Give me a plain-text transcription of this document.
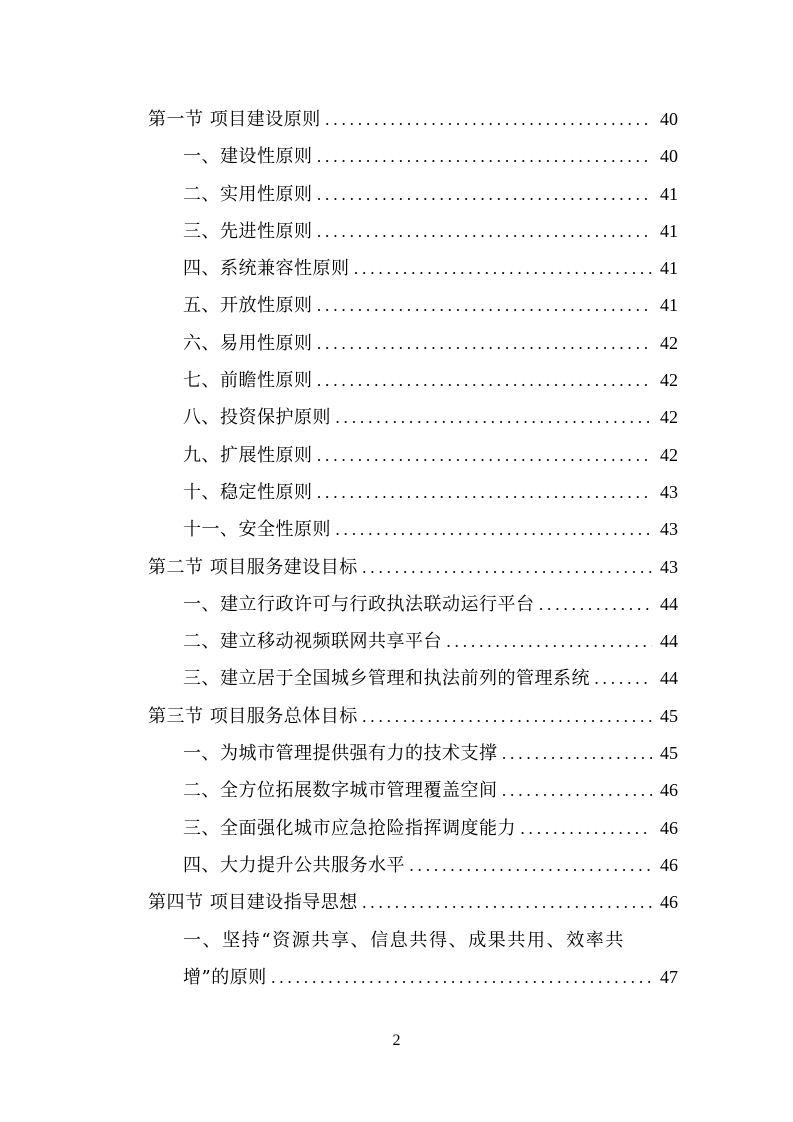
第一节 项目建设原则 . . .	40
一、建设性原则 . . .	40
二、实用性原则 . . .	41
三、先进性原则 . . .	41
四、系统兼容性原则 . . .	41
五、开放性原则 . . .	41
六、易用性原则 . . .	42
七、前瞻性原则 . . .	42
八、投资保护原则 . . .	42
九、扩展性原则 . . .	42
十、稳定性原则 . . .	43
十一、安全性原则 . . .	43
第二节 项目服务建设目标 . . .	43
一、建立行政许可与行政执法联动运行平台 . . .	44
二、建立移动视频联网共享平台 . . .	44
三、建立居于全国城乡管理和执法前列的管理系统 . . .	44
第三节 项目服务总体目标 . . .	45
一、为城市管理提供强有力的技术支撑 . . .	45
二、全方位拓展数字城市管理覆盖空间 . . .	46
三、全面强化城市应急抢险指挥调度能力 . . .	46
四、大力提升公共服务水平 . . .	46
第四节 项目建设指导思想 . . .	46
一、坚持“资源共享、信息共得、成果共用、效率共
增”的原则 . . .	47
2
